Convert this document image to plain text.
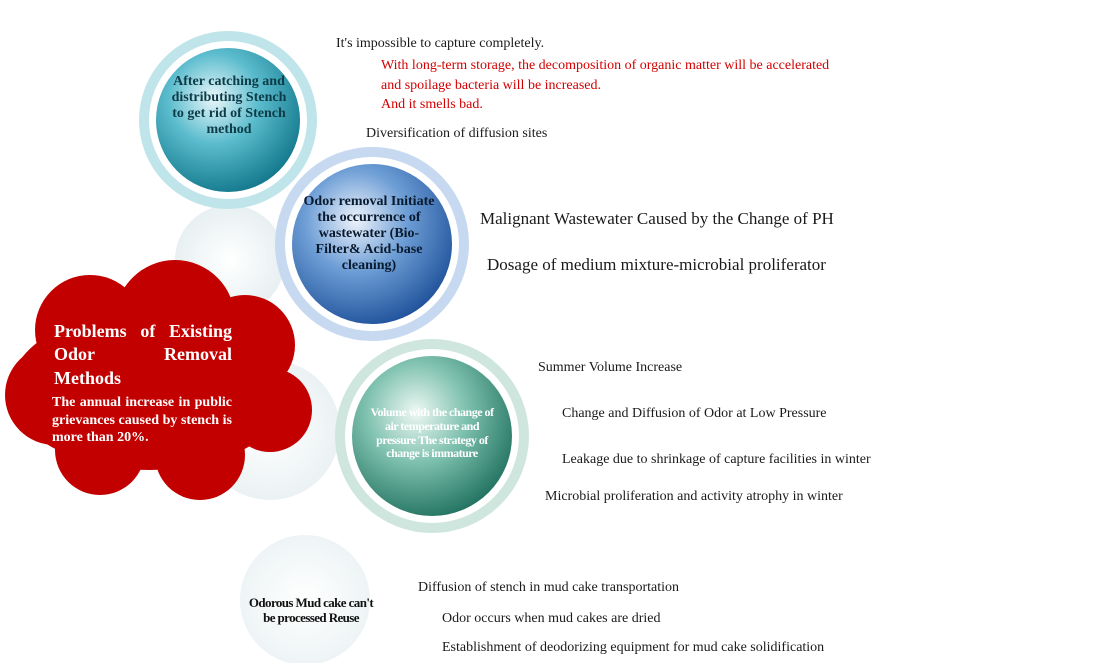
After catching and distributing Stench to get rid of Stench method
Odor removal Initiate the occurrence of wastewater (Bio-Filter& Acid-base cleaning)
Volume with the change of air temperature and pressure The strategy of change is immature
Problems of Existing Odor Removal Methods
The annual increase in public grievances caused by stench is more than 20%.
Odorous Mud cake can't be processed Reuse
It's impossible to capture completely.
With long-term storage, the decomposition of organic matter will be accelerated
and spoilage bacteria will be increased.
And it smells bad.
Diversification of diffusion sites
Malignant Wastewater Caused by the Change of PH
Dosage of medium mixture-microbial proliferator
Summer Volume Increase
Change and Diffusion of Odor at Low Pressure
Leakage due to shrinkage of capture facilities in winter
Microbial proliferation and activity atrophy in winter
Diffusion of stench in mud cake transportation
Odor occurs when mud cakes are dried
Establishment of deodorizing equipment for mud cake solidification
